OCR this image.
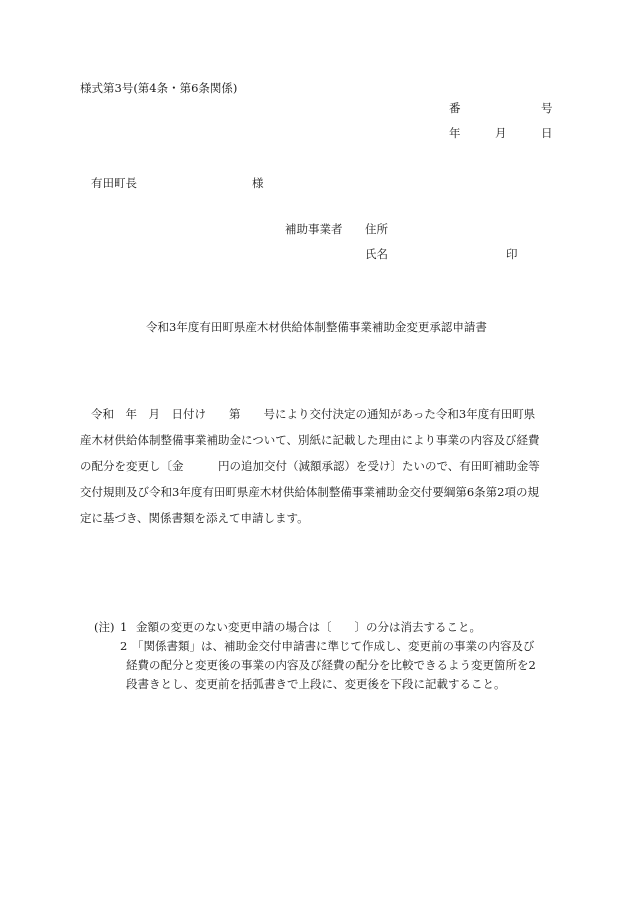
様式第3号(第4条・第6条関係)
番　　　　　　　号
年　　　月　　　日
有田町長　　　　　　　　　　様
補助事業者 住所
氏名	印
令和3年度有田町県産木材供給体制整備事業補助金変更承認申請書
令和　年　月　日付け　　第　　号により交付決定の通知があった令和3年度有田町県
産木材供給体制整備事業補助金について、別紙に記載した理由により事業の内容及び経費
の配分を変更し〔金　　　円の追加交付（減額承認）を受け〕たいので、有田町補助金等
交付規則及び令和3年度有田町県産木材供給体制整備事業補助金交付要綱第6条第2項の規
定に基づき、関係書類を添えて申請します。
(注) 1 金額の変更のない変更申請の場合は〔　　〕の分は消去すること。
2 「関係書類」は、補助金交付申請書に準じて作成し、変更前の事業の内容及び
経費の配分と変更後の事業の内容及び経費の配分を比較できるよう変更箇所を2
段書きとし、変更前を括弧書きで上段に、変更後を下段に記載すること。
